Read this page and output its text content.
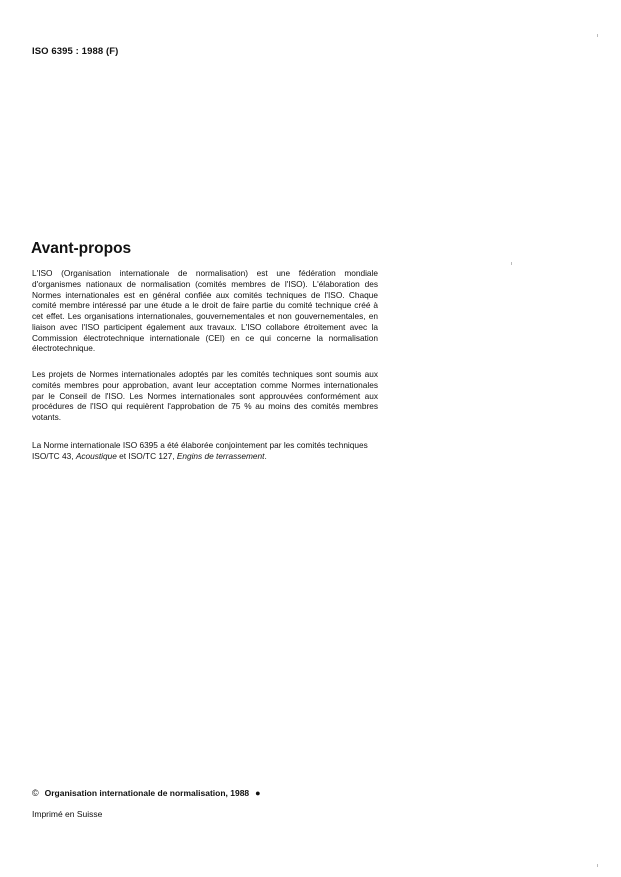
ISO 6395 : 1988 (F)
Avant-propos

L'ISO (Organisation internationale de normalisation) est une fédération mondiale d'organismes nationaux de normalisation (comités membres de l'ISO). L'élaboration des Normes internationales est en général confiée aux comités techniques de l'ISO. Chaque comité membre intéressé par une étude a le droit de faire partie du comité technique créé à cet effet. Les organisations internationales, gouvernementales et non gouvernementales, en liaison avec l'ISO participent également aux travaux. L'ISO collabore étroitement avec la Commission électrotechnique internationale (CEI) en ce qui concerne la normalisation électrotechnique.

Les projets de Normes internationales adoptés par les comités techniques sont soumis aux comités membres pour approbation, avant leur acceptation comme Normes internationales par le Conseil de l'ISO. Les Normes internationales sont approuvées conformément aux procédures de l'ISO qui requièrent l'approbation de 75 % au moins des comités membres votants.

La Norme internationale ISO 6395 a été élaborée conjointement par les comités techniques ISO/TC 43, Acoustique et ISO/TC 127, Engins de terrassement.

© Organisation internationale de normalisation, 1988 ●
Imprimé en Suisse
